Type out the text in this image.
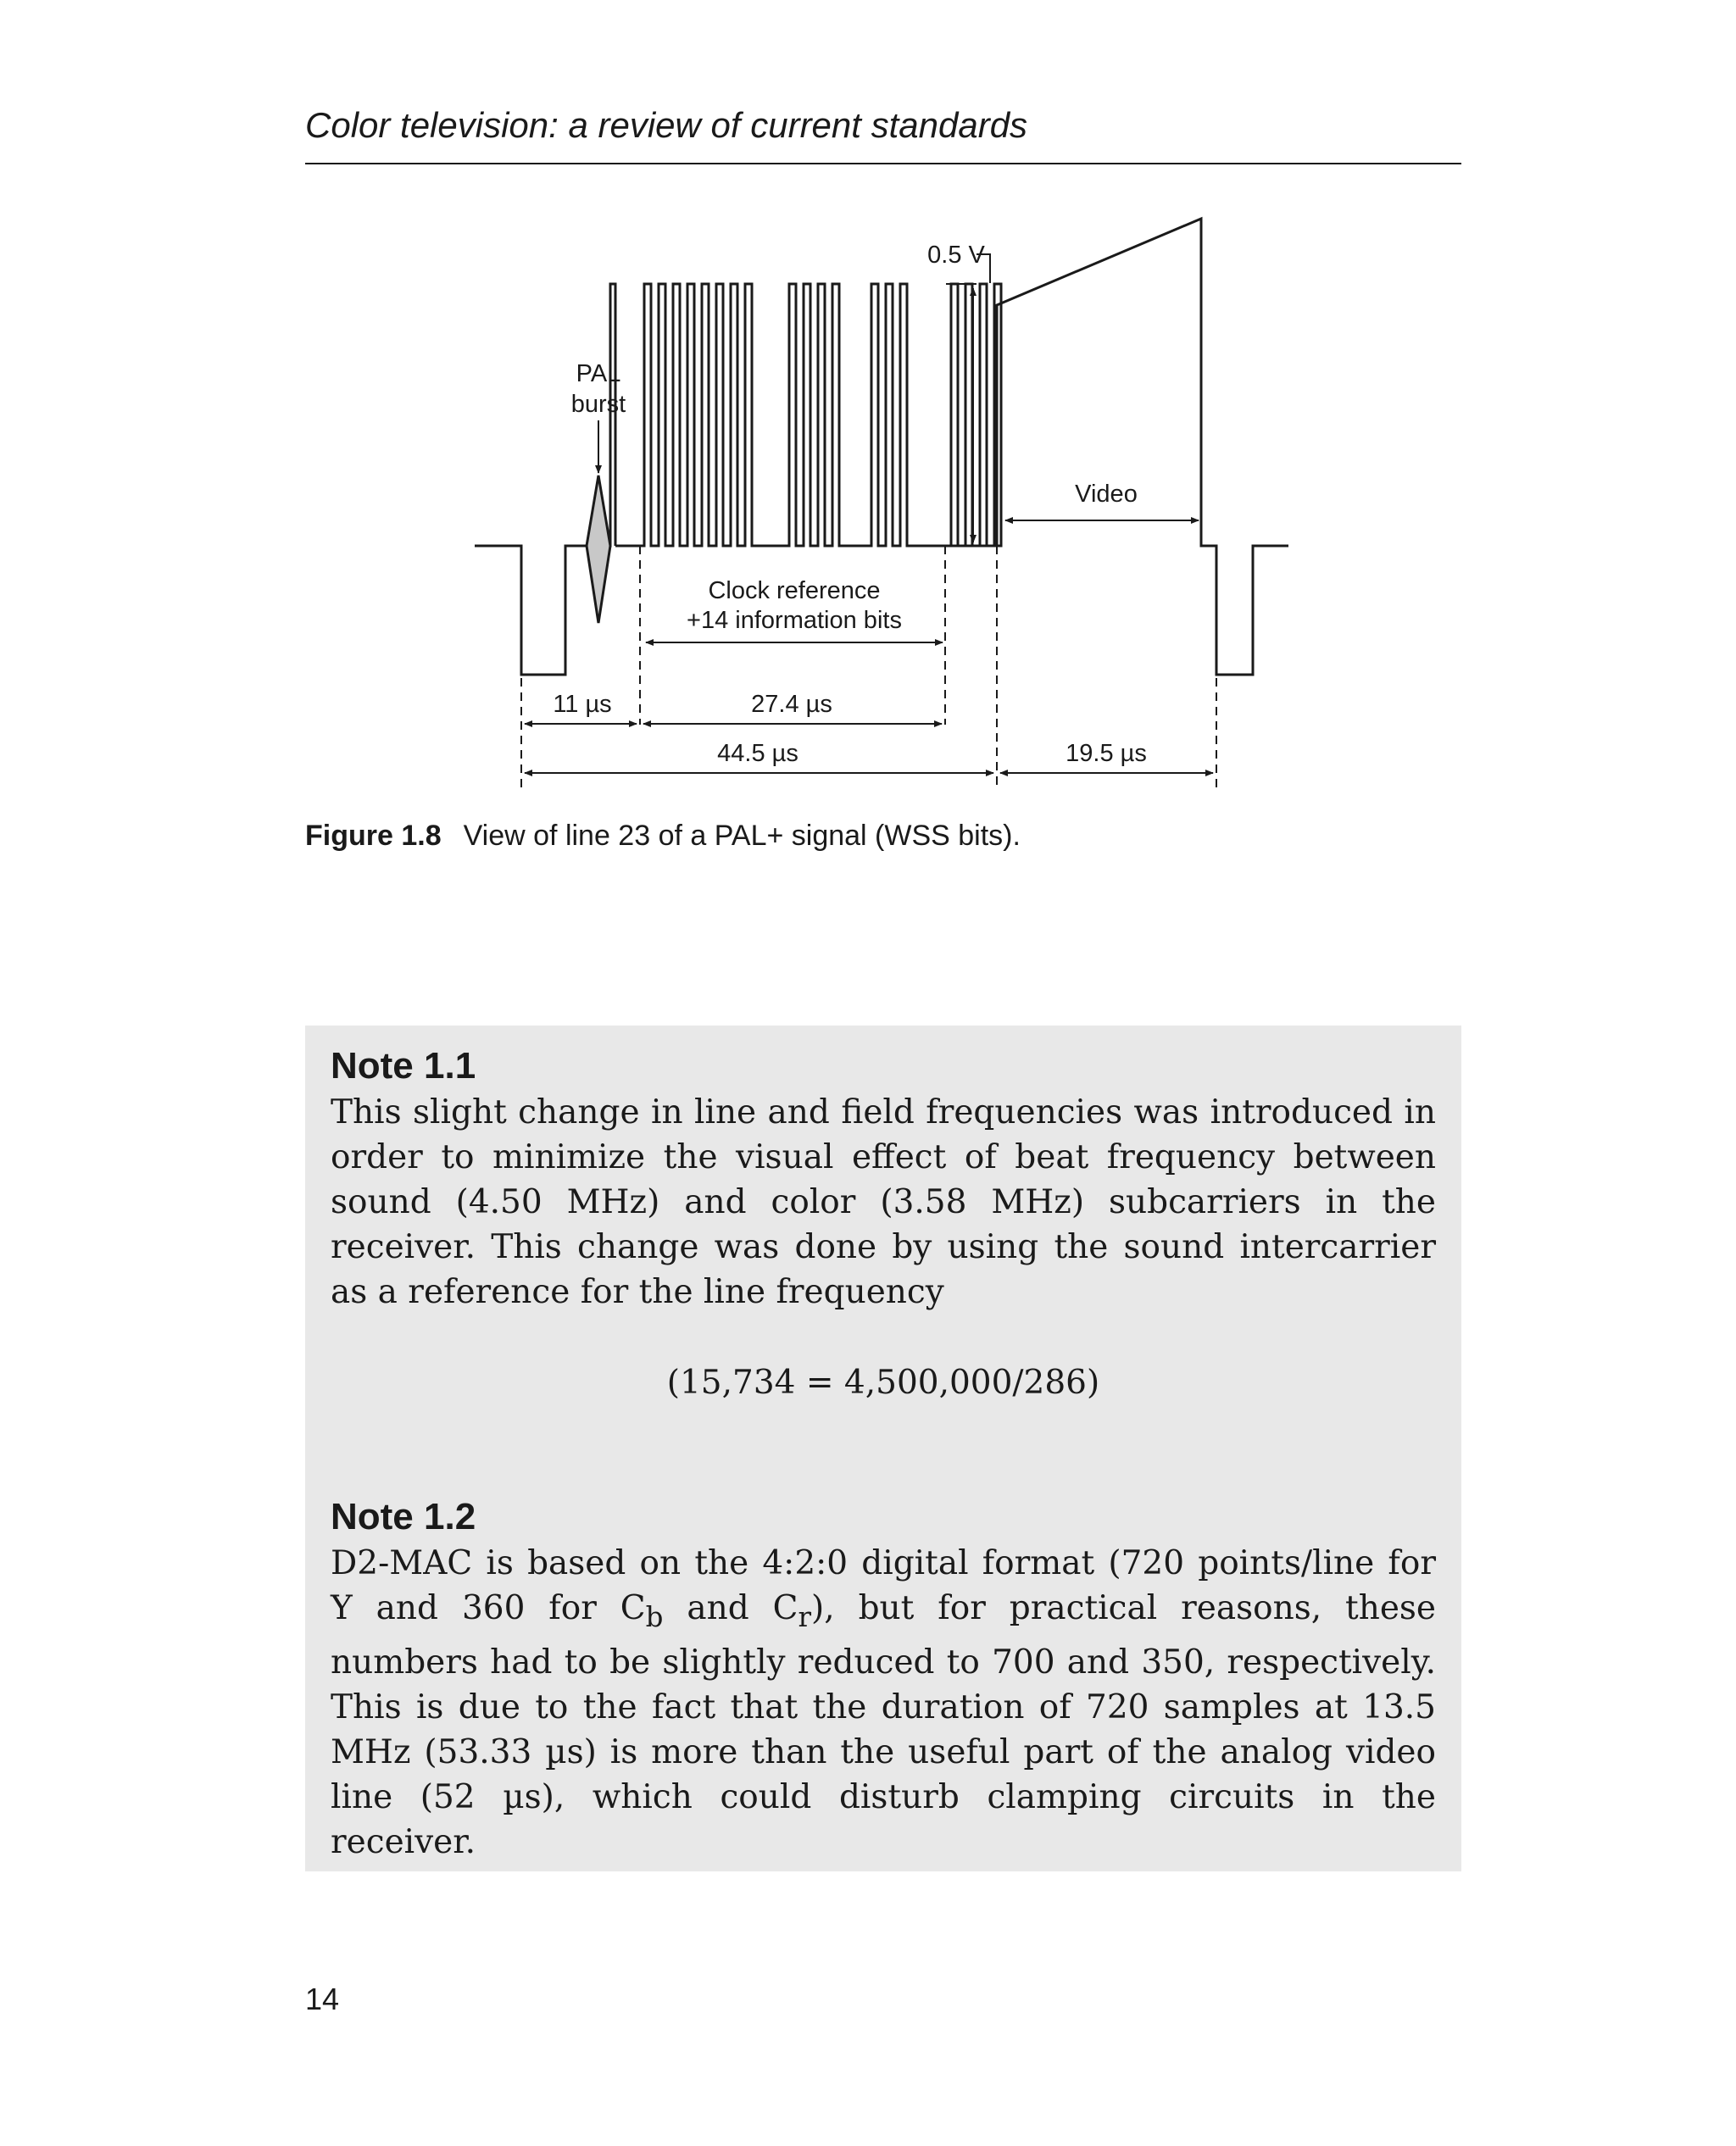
Color television: a review of current standards
PAL
burst
0.5 V
Video
Clock reference
+14 information bits
11 µs	27.4 µs
44.5 µs	19.5 µs
Figure 1.8 View of line 23 of a PAL+ signal (WSS bits).

Note 1.1

This slight change in line and field frequencies was introduced in order to minimize the visual effect of beat frequency between sound (4.50 MHz) and color (3.58 MHz) subcarriers in the receiver. This change was done by using the sound intercarrier as a reference for the line frequency

(15,734 = 4,500,000/286)

Note 1.2

D2-MAC is based on the 4:2:0 digital format (720 points/line for Y and 360 for $C_b$ and $C_r$), but for practical reasons, these numbers had to be slightly reduced to 700 and 350, respectively. This is due to the fact that the duration of 720 samples at 13.5 MHz (53.33 µs) is more than the useful part of the analog video line (52 µs), which could disturb clamping circuits in the receiver.

14
